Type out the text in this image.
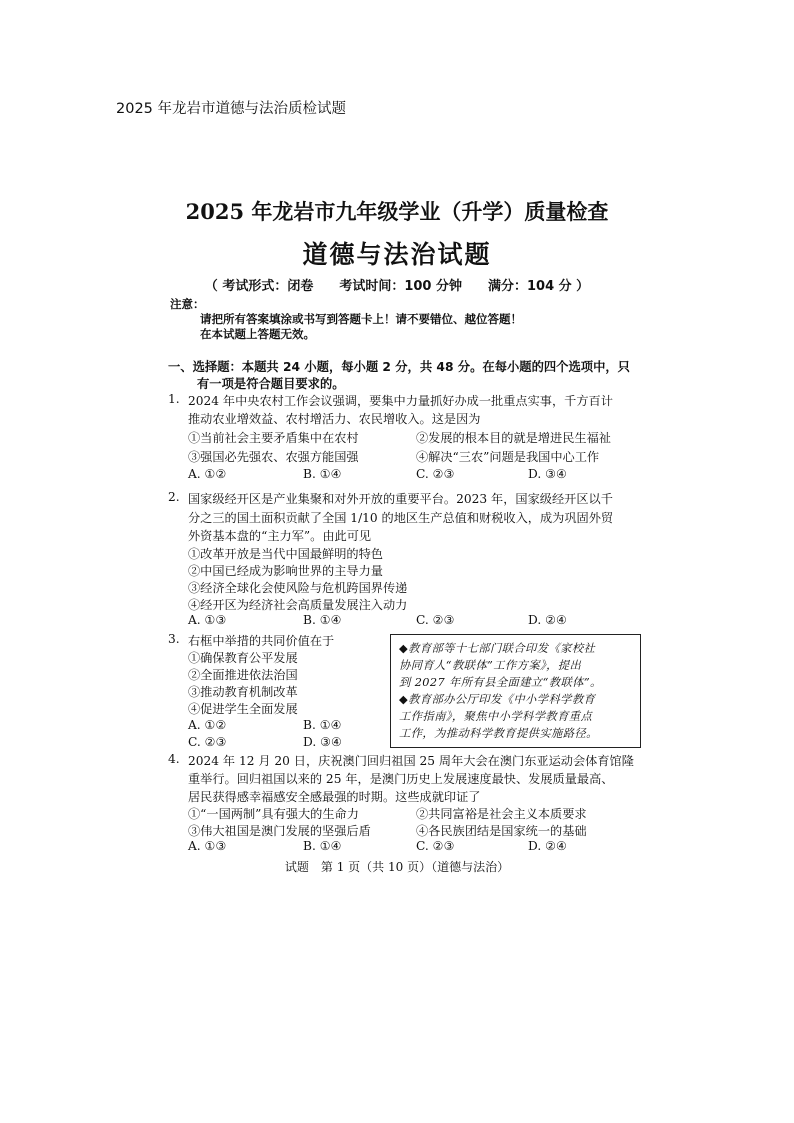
2025 年龙岩市道德与法治质检试题
2025 年龙岩市九年级学业（升学）质量检查
道德与法治试题
（ 考试形式：闭卷　　考试时间：100 分钟　　满分：104 分 ）
注意：
请把所有答案填涂或书写到答题卡上！请不要错位、越位答题！
在本试题上答题无效。
一、选择题：本题共 24 小题，每小题 2 分，共 48 分。在每小题的四个选项中，只
有一项是符合题目要求的。
1. 2024 年中央农村工作会议强调，要集中力量抓好办成一批重点实事，千方百计
推动农业增效益、农村增活力、农民增收入。这是因为
①当前社会主要矛盾集中在农村	②发展的根本目的就是增进民生福祉
③强国必先强农、农强方能国强	④解决“三农”问题是我国中心工作
A. ①②	B. ①④	C. ②③	D. ③④
2. 国家级经开区是产业集聚和对外开放的重要平台。2023 年，国家级经开区以千
分之三的国土面积贡献了全国 1/10 的地区生产总值和财税收入，成为巩固外贸
外资基本盘的“主力军”。由此可见
①改革开放是当代中国最鲜明的特色
②中国已经成为影响世界的主导力量
③经济全球化会使风险与危机跨国界传递
④经开区为经济社会高质量发展注入动力
A. ①③	B. ①④	C. ②③	D. ②④
3. 右框中举措的共同价值在于
①确保教育公平发展
②全面推进依法治国
③推动教育机制改革
④促进学生全面发展
A. ①②	B. ①④
C. ②③	D. ③④
◆教育部等十七部门联合印发《家校社
协同育人“教联体”工作方案》，提出
到 2027 年所有县全面建立“教联体”。
◆教育部办公厅印发《中小学科学教育
工作指南》，聚焦中小学科学教育重点
工作，为推动科学教育提供实施路径。
4. 2024 年 12 月 20 日，庆祝澳门回归祖国 25 周年大会在澳门东亚运动会体育馆隆
重举行。回归祖国以来的 25 年，是澳门历史上发展速度最快、发展质量最高、
居民获得感幸福感安全感最强的时期。这些成就印证了
①“一国两制”具有强大的生命力	②共同富裕是社会主义本质要求
③伟大祖国是澳门发展的坚强后盾	④各民族团结是国家统一的基础
A. ①③	B. ①④	C. ②③	D. ②④
试题　第 1 页（共 10 页）（道德与法治）
